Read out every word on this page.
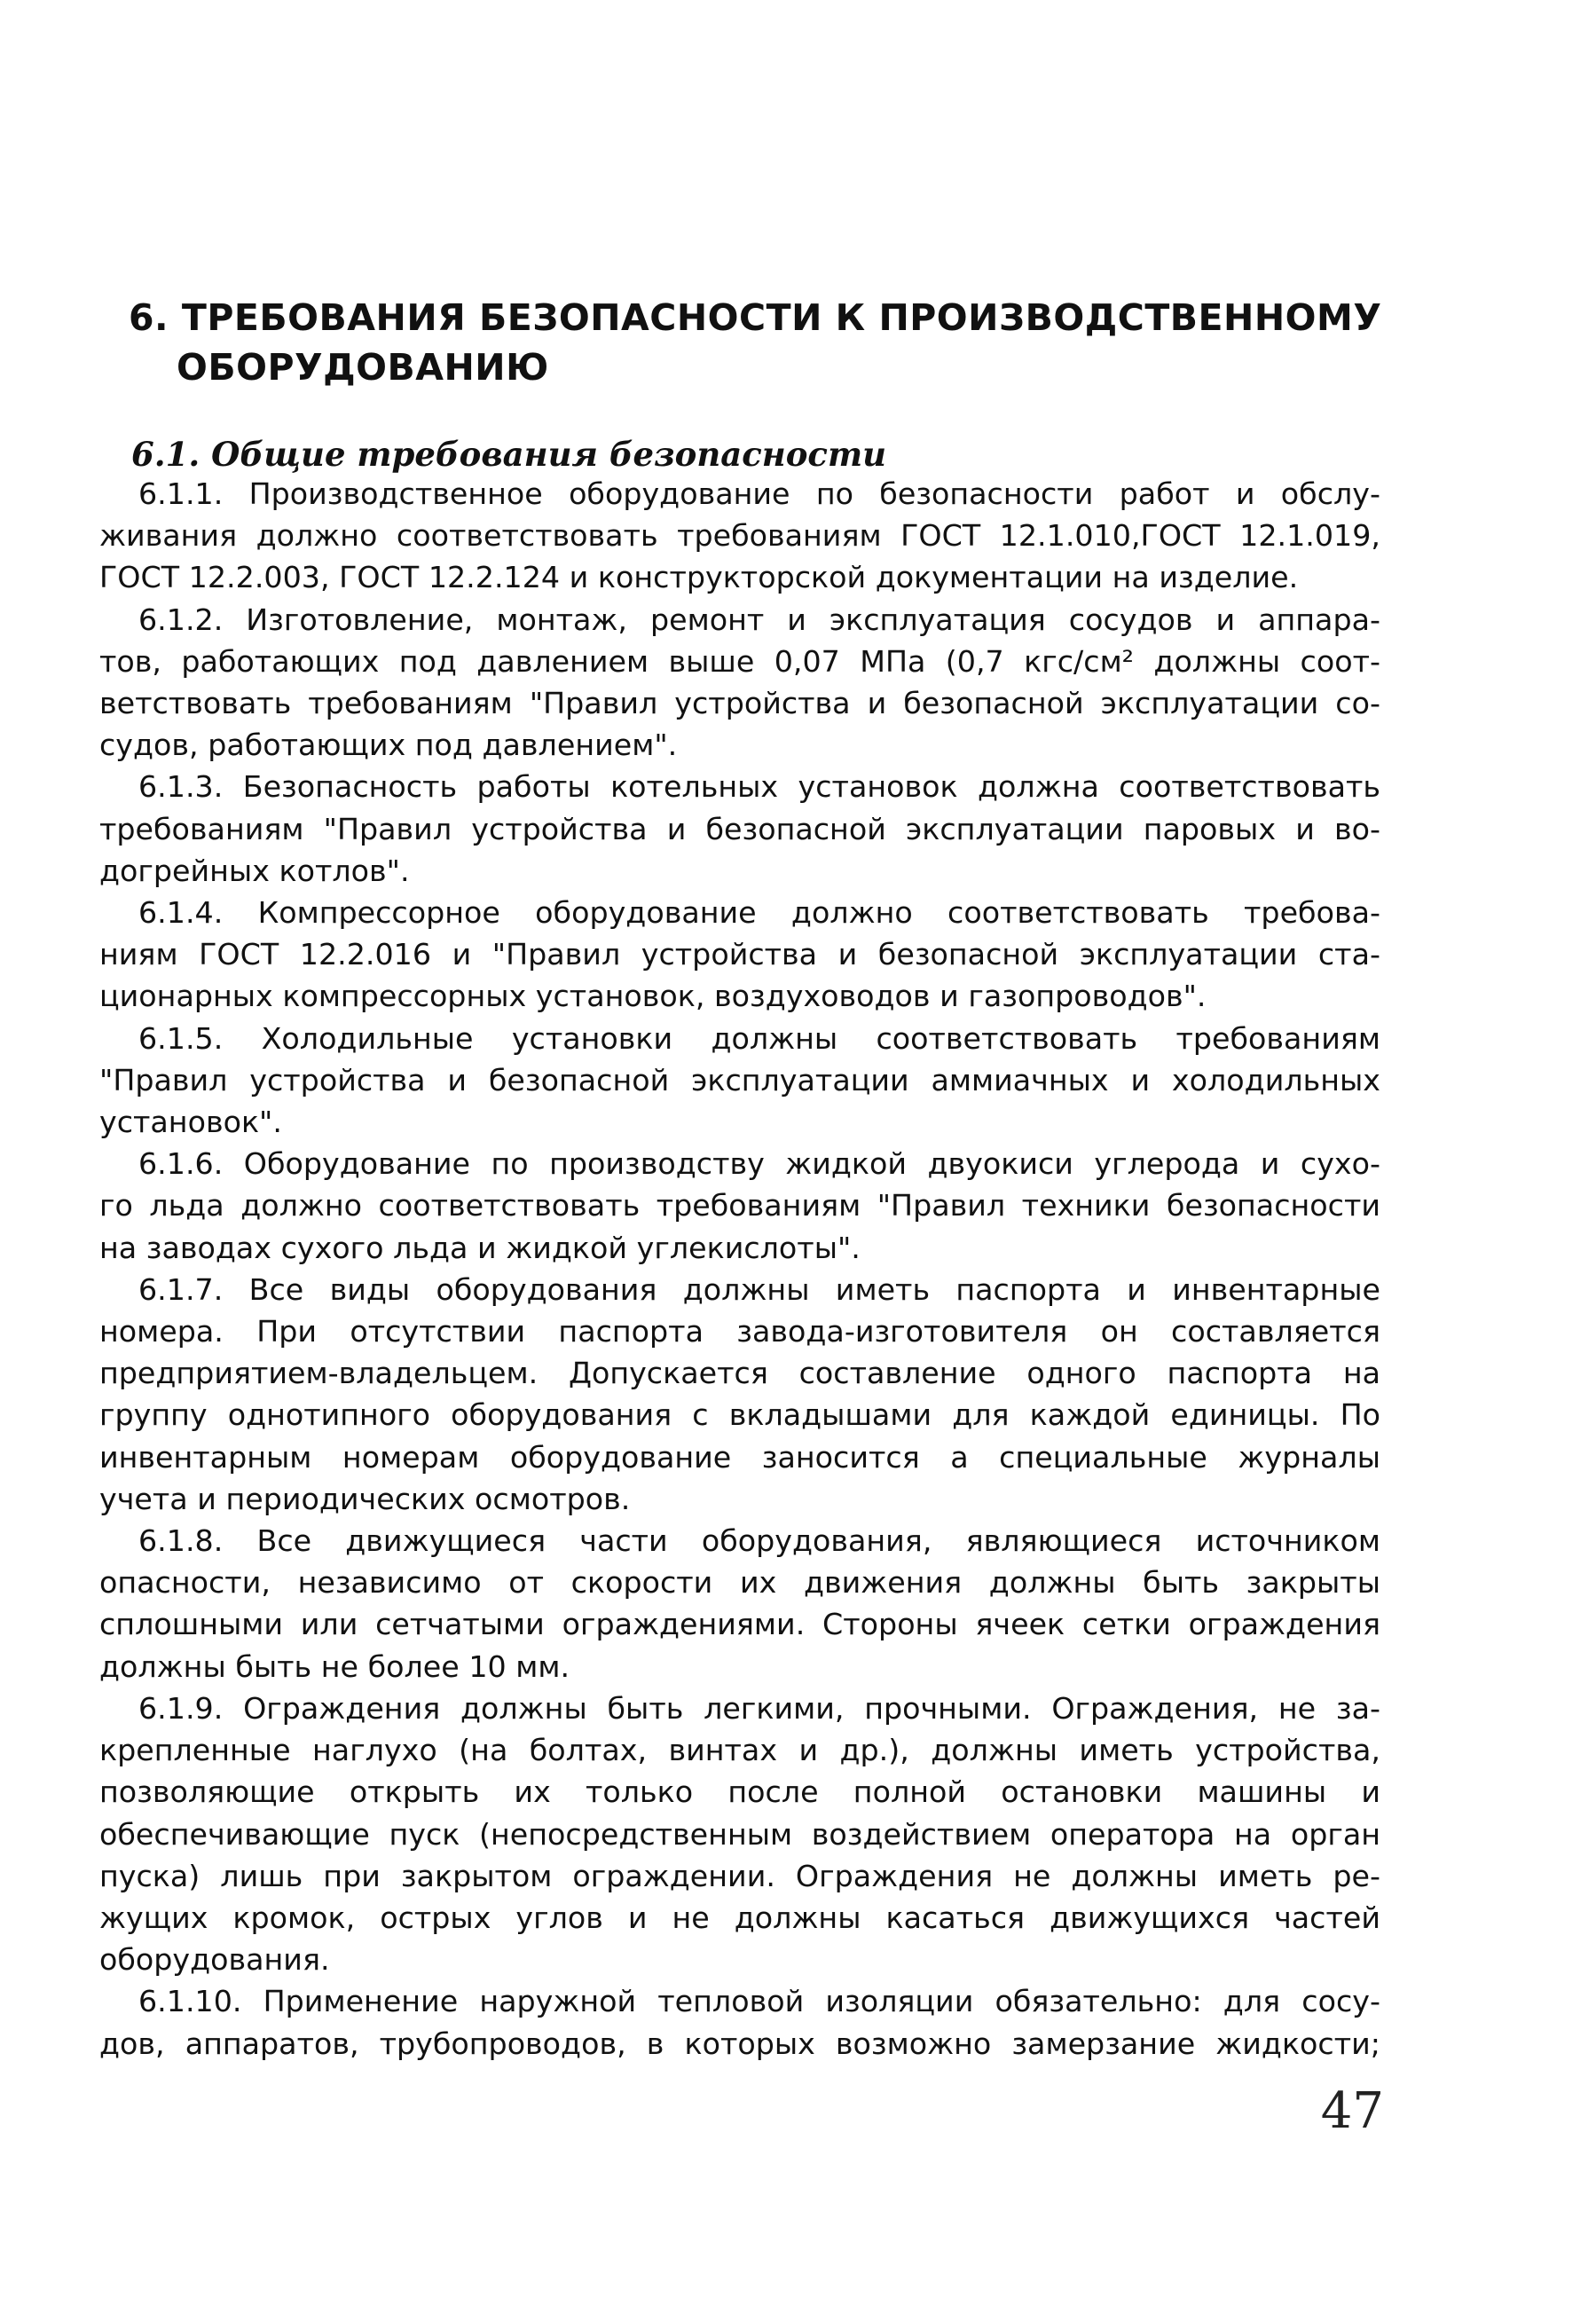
6. ТРЕБОВАНИЯ БЕЗОПАСНОСТИ К ПРОИЗВОДСТВЕННОМУ
ОБОРУДОВАНИЮ
6.1. Общие требования безопасности

6.1.1. Производственное оборудование по безопасности работ и обслу-
живания должно соответствовать требованиям ГОСТ 12.1.010,ГОСТ 12.1.019,
ГОСТ 12.2.003, ГОСТ 12.2.124 и конструкторской документации на изделие.

6.1.2. Изготовление, монтаж, ремонт и эксплуатация сосудов и аппара-
тов, работающих под давлением выше 0,07 МПа (0,7 кгс/см² должны соот-
ветствовать требованиям "Правил устройства и безопасной эксплуатации со-
судов, работающих под давлением".

6.1.3. Безопасность работы котельных установок должна соответствовать
требованиям "Правил устройства и безопасной эксплуатации паровых и во-
догрейных котлов".

6.1.4. Компрессорное оборудование должно соответствовать требова-
ниям ГОСТ 12.2.016 и "Правил устройства и безопасной эксплуатации ста-
ционарных компрессорных установок, воздуховодов и газопроводов".

6.1.5. Холодильные установки должны соответствовать требованиям
"Правил устройства и безопасной эксплуатации аммиачных и холодильных
установок".

6.1.6. Оборудование по производству жидкой двуокиси углерода и сухо-
го льда должно соответствовать требованиям "Правил техники безопасности
на заводах сухого льда и жидкой углекислоты".

6.1.7. Все виды оборудования должны иметь паспорта и инвентарные
номера. При отсутствии паспорта завода-изготовителя он составляется
предприятием-владельцем. Допускается составление одного паспорта на
группу однотипного оборудования с вкладышами для каждой единицы. По
инвентарным номерам оборудование заносится а специальные журналы
учета и периодических осмотров.

6.1.8. Все движущиеся части оборудования, являющиеся источником
опасности, независимо от скорости их движения должны быть закрыты
сплошными или сетчатыми ограждениями. Стороны ячеек сетки ограждения
должны быть не более 10 мм.

6.1.9. Ограждения должны быть легкими, прочными. Ограждения, не за-
крепленные наглухо (на болтах, винтах и др.), должны иметь устройства,
позволяющие открыть их только после полной остановки машины и
обеспечивающие пуск (непосредственным воздействием оператора на орган
пуска) лишь при закрытом ограждении. Ограждения не должны иметь ре-
жущих кромок, острых углов и не должны касаться движущихся частей
оборудования.

6.1.10. Применение наружной тепловой изоляции обязательно: для сосу-
дов, аппаратов, трубопроводов, в которых возможно замерзание жидкости;

47
